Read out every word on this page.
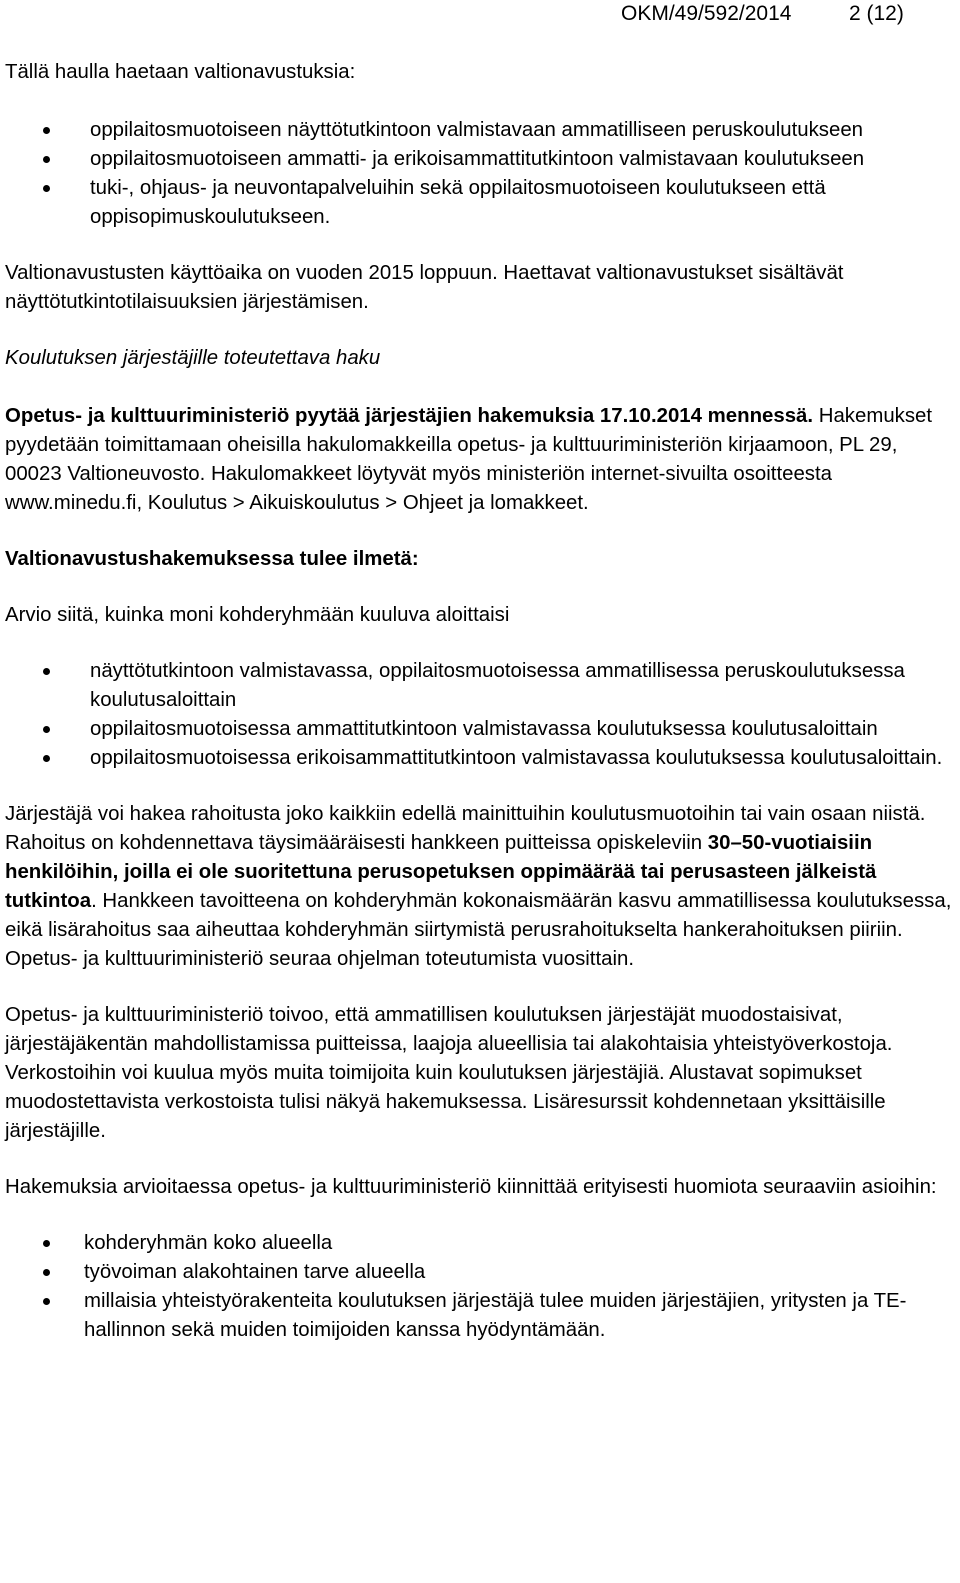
OKM/49/592/2014	2 (12)

Tällä haulla haetaan valtionavustuksia:

oppilaitosmuotoiseen näyttötutkintoon valmistavaan ammatilliseen peruskoulutukseen
oppilaitosmuotoiseen ammatti- ja erikoisammattitutkintoon valmistavaan koulutukseen
tuki-, ohjaus- ja neuvontapalveluihin sekä oppilaitosmuotoiseen koulutukseen että oppisopimuskoulutukseen.

Valtionavustusten käyttöaika on vuoden 2015 loppuun. Haettavat valtionavustukset sisältävät näyttötutkintotilaisuuksien järjestämisen.

Koulutuksen järjestäjille toteutettava haku

Opetus- ja kulttuuriministeriö pyytää järjestäjien hakemuksia 17.10.2014 mennessä. Hakemukset pyydetään toimittamaan oheisilla hakulomakkeilla opetus- ja kulttuuriministeriön kirjaamoon, PL 29, 00023 Valtioneuvosto. Hakulomakkeet löytyvät myös ministeriön internet-sivuilta osoitteesta www.minedu.fi, Koulutus > Aikuiskoulutus > Ohjeet ja lomakkeet.

Valtionavustushakemuksessa tulee ilmetä:

Arvio siitä, kuinka moni kohderyhmään kuuluva aloittaisi

näyttötutkintoon valmistavassa, oppilaitosmuotoisessa ammatillisessa peruskoulutuksessa koulutusaloittain
oppilaitosmuotoisessa ammattitutkintoon valmistavassa koulutuksessa koulutusaloittain
oppilaitosmuotoisessa erikoisammattitutkintoon valmistavassa koulutuksessa koulutusaloittain.

Järjestäjä voi hakea rahoitusta joko kaikkiin edellä mainittuihin koulutusmuotoihin tai vain osaan niistä. Rahoitus on kohdennettava täysimääräisesti hankkeen puitteissa opiskeleviin 30–50-vuotiaisiin henkilöihin, joilla ei ole suoritettuna perusopetuksen oppimäärää tai perusasteen jälkeistä tutkintoa. Hankkeen tavoitteena on kohderyhmän kokonaismäärän kasvu ammatillisessa koulutuksessa, eikä lisärahoitus saa aiheuttaa kohderyhmän siirtymistä perusrahoitukselta hankerahoituksen piiriin. Opetus- ja kulttuuriministeriö seuraa ohjelman toteutumista vuosittain.

Opetus- ja kulttuuriministeriö toivoo, että ammatillisen koulutuksen järjestäjät muodostaisivat, järjestäjäkentän mahdollistamissa puitteissa, laajoja alueellisia tai alakohtaisia yhteistyöverkostoja. Verkostoihin voi kuulua myös muita toimijoita kuin koulutuksen järjestäjiä. Alustavat sopimukset muodostettavista verkostoista tulisi näkyä hakemuksessa. Lisäresurssit kohdennetaan yksittäisille järjestäjille.

Hakemuksia arvioitaessa opetus- ja kulttuuriministeriö kiinnittää erityisesti huomiota seuraaviin asioihin:

kohderyhmän koko alueella
työvoiman alakohtainen tarve alueella
millaisia yhteistyörakenteita koulutuksen järjestäjä tulee muiden järjestäjien, yritysten ja TE-hallinnon sekä muiden toimijoiden kanssa hyödyntämään.
